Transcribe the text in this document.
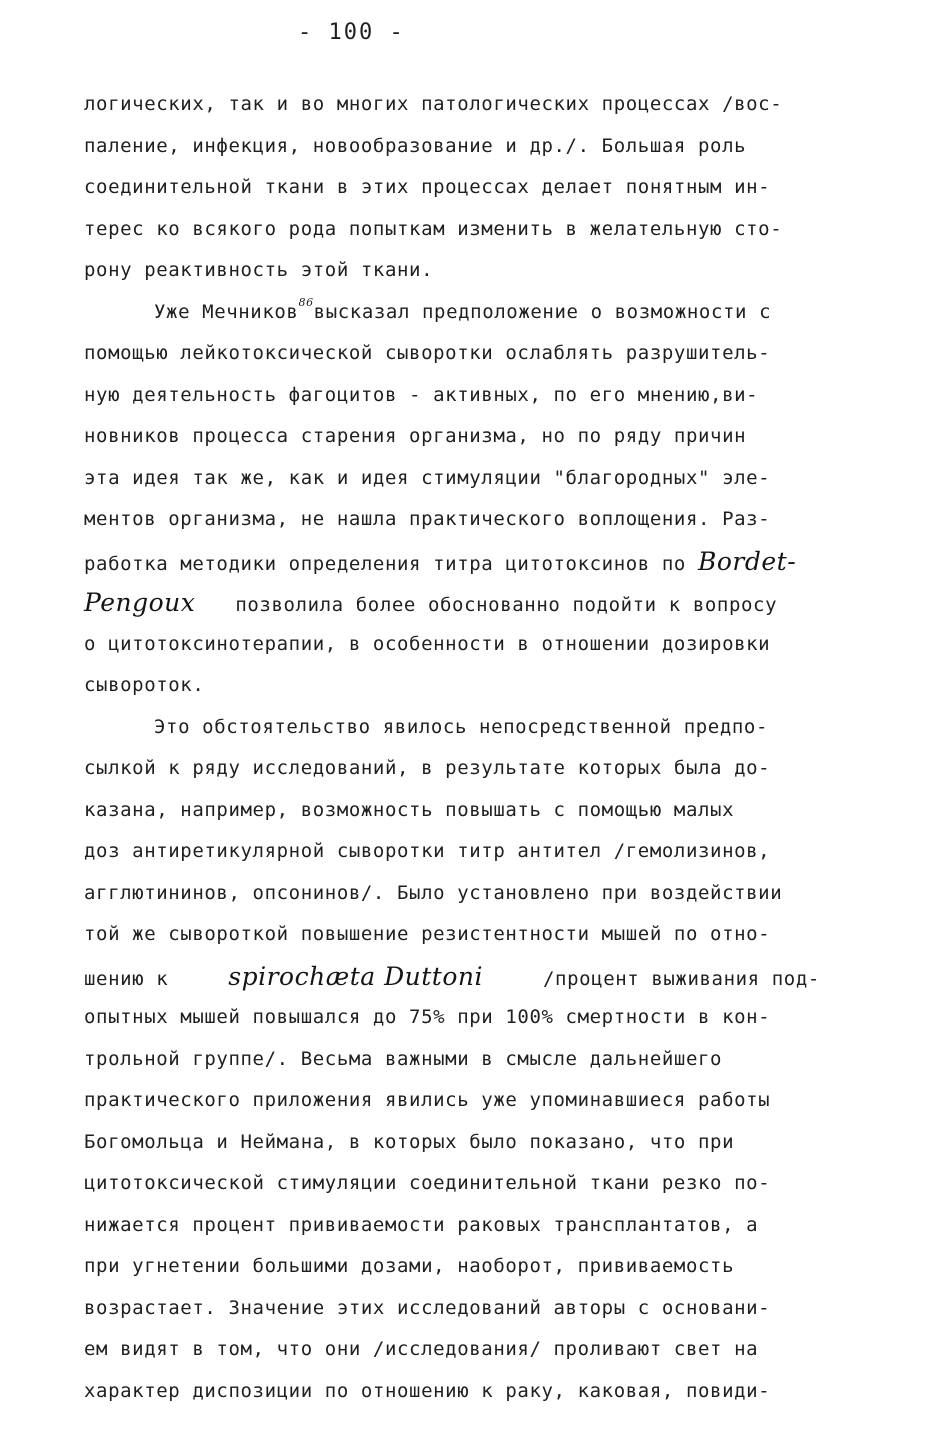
- 100 -
логических, так и во многих патологических процессах /вос-
паление, инфекция, новообразование и др./. Большая роль
соединительной ткани в этих процессах делает понятным ин-
терес ко всякого рода попыткам изменить в желательную сто-
рону реактивность этой ткани.
Уже Мечников$^{86}$высказал предположение о возможности с
помощью лейкотоксической сыворотки ослаблять разрушитель-
ную деятельность фагоцитов - активных, по его мнению,ви-
новников процесса старения организма, но по ряду причин
эта идея так же, как и идея стимуляции "благородных" эле-
ментов организма, не нашла практического воплощения. Раз-
работка методики определения титра цитотоксинов по Bordet-
Pengoux позволила более обоснованно подойти к вопросу
о цитотоксинотерапии, в особенности в отношении дозировки
сывороток.
Это обстоятельство явилось непосредственной предпо-
сылкой к ряду исследований, в результате которых была до-
казана, например, возможность повышать с помощью малых
доз антиретикулярной сыворотки титр антител /гемолизинов,
агглютининов, опсонинов/. Было установлено при воздействии
той же сывороткой повышение резистентности мышей по отно-
шению к spirochæta Duttoni	/процент выживания под-
опытных мышей повышался до 75% при 100% смертности в кон-
трольной группе/. Весьма важными в смысле дальнейшего
практического приложения явились уже упоминавшиеся работы
Богомольца и Неймана, в которых было показано, что при
цитотоксической стимуляции соединительной ткани резко по-
нижается процент прививаемости раковых трансплантатов, а
при угнетении большими дозами, наоборот, прививаемость
возрастает. Значение этих исследований авторы с основани-
ем видят в том, что они /исследования/ проливают свет на
характер диспозиции по отношению к раку, каковая, повиди-
